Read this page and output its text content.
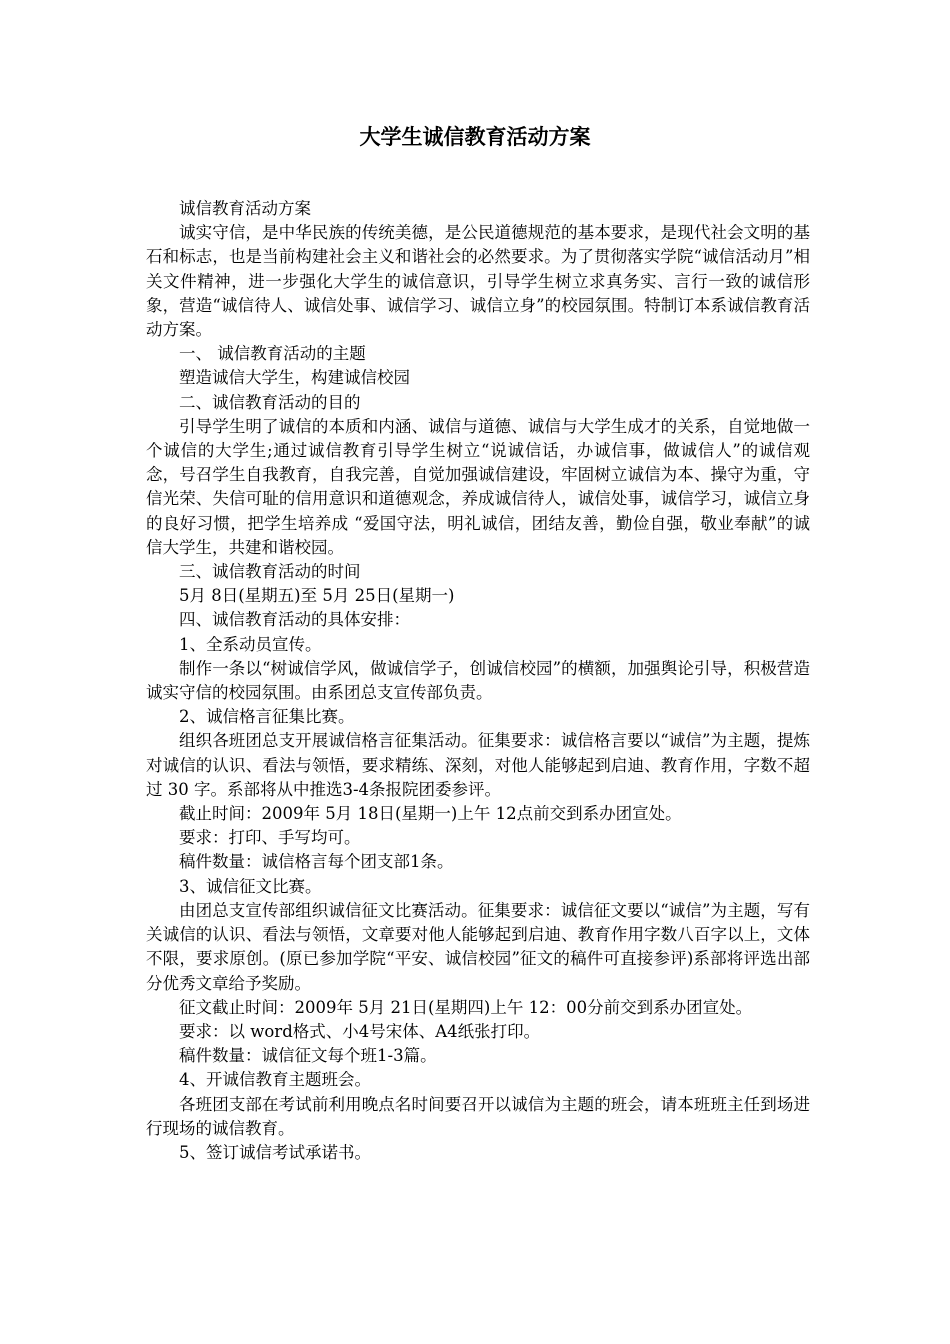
大学生诚信教育活动方案

诚信教育活动方案

诚实守信，是中华民族的传统美德，是公民道德规范的基本要求，是现代社会文明的基石和标志，也是当前构建社会主义和谐社会的必然要求。为了贯彻落实学院“诚信活动月”相关文件精神，进一步强化大学生的诚信意识，引导学生树立求真务实、言行一致的诚信形象，营造“诚信待人、诚信处事、诚信学习、诚信立身”的校园氛围。特制订本系诚信教育活动方案。

一、 诚信教育活动的主题

塑造诚信大学生，构建诚信校园

二、诚信教育活动的目的

引导学生明了诚信的本质和内涵、诚信与道德、诚信与大学生成才的关系，自觉地做一个诚信的大学生;通过诚信教育引导学生树立“说诚信话，办诚信事，做诚信人”的诚信观念，号召学生自我教育，自我完善，自觉加强诚信建设，牢固树立诚信为本、操守为重，守信光荣、失信可耻的信用意识和道德观念，养成诚信待人，诚信处事，诚信学习，诚信立身的良好习惯，把学生培养成 “爱国守法，明礼诚信，团结友善，勤俭自强，敬业奉献”的诚信大学生，共建和谐校园。

三、诚信教育活动的时间

5月 8日(星期五)至 5月 25日(星期一)

四、诚信教育活动的具体安排：

1、全系动员宣传。

制作一条以“树诚信学风，做诚信学子，创诚信校园”的横额，加强舆论引导，积极营造诚实守信的校园氛围。由系团总支宣传部负责。

2、诚信格言征集比赛。

组织各班团总支开展诚信格言征集活动。征集要求：诚信格言要以“诚信”为主题，提炼对诚信的认识、看法与领悟，要求精练、深刻，对他人能够起到启迪、教育作用，字数不超过 30 字。系部将从中推选3-4条报院团委参评。

截止时间：2009年 5月 18日(星期一)上午 12点前交到系办团宣处。

要求：打印、手写均可。

稿件数量：诚信格言每个团支部1条。

3、诚信征文比赛。

由团总支宣传部组织诚信征文比赛活动。征集要求：诚信征文要以“诚信”为主题，写有关诚信的认识、看法与领悟，文章要对他人能够起到启迪、教育作用字数八百字以上，文体不限，要求原创。(原已参加学院“平安、诚信校园”征文的稿件可直接参评)系部将评选出部分优秀文章给予奖励。

征文截止时间：2009年 5月 21日(星期四)上午 12：00分前交到系办团宣处。

要求：以 word格式、小4号宋体、A4纸张打印。

稿件数量：诚信征文每个班1-3篇。

4、开诚信教育主题班会。

各班团支部在考试前利用晚点名时间要召开以诚信为主题的班会，请本班班主任到场进行现场的诚信教育。

5、签订诚信考试承诺书。
